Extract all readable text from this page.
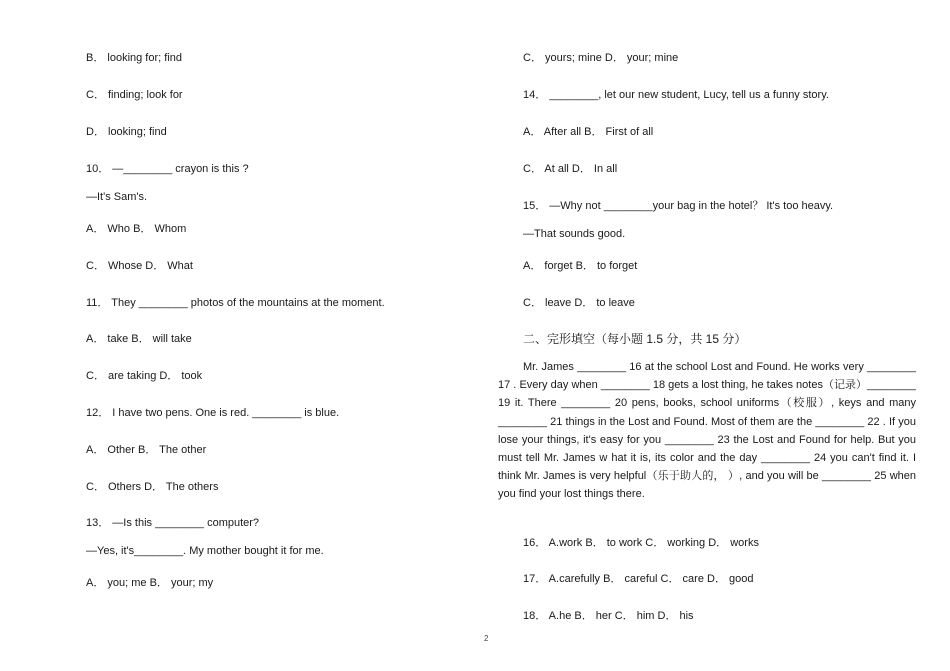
B． looking for; find
C． finding; look for
D． looking; find
10． —________ crayon is this ?
—It's Sam's.
A． Who B． Whom
C． Whose D． What
11． They ________ photos of the mountains at the moment.
A． take B． will take
C． are taking D． took
12． I have two pens. One is red. ________ is blue.
A． Other B． The other
C． Others D． The others
13． —Is this ________ computer?
—Yes, it's________. My mother bought it for me.
A． you; me B． your; my
C． yours; mine D． your; mine
14． ________, let our new student, Lucy, tell us a funny story.
A． After all B． First of all
C． At all D． In all
15． —Why not ________your bag in the hotel？ It's too heavy.
—That sounds good.
A． forget B． to forget
C． leave D． to leave
二、完形填空（每小题 1.5 分，共 15 分）

Mr. James ________ 16 at the school Lost and Found. He works very ________ 17 . Every day when ________ 18 gets a lost thing, he takes notes（记录）________ 19 it. There ________ 20 pens, books, school uniforms（校服）, keys and many ________ 21 things in the Lost and Found. Most of them are the ________ 22 . If you lose your things, it's easy for you ________ 23 the Lost and Found for help. But you must tell Mr. James w hat it is, its color and the day ________ 24 you can't find it. I think Mr. James is very helpful（乐于助人的， ）, and you will be ________ 25 when you find your lost things there.

16． A.work B． to work C． working D． works
17． A.carefully B． careful C． care D． good
18． A.he B． her C． him D． his
2
